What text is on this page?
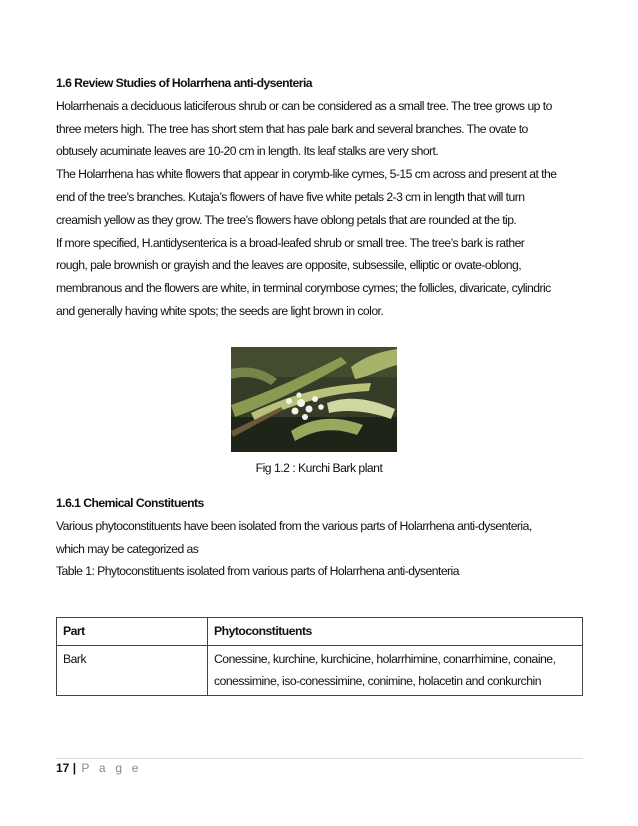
1.6 Review Studies of Holarrhena anti-dysenteria
Holarrhenais a deciduous laticiferous shrub or can be considered as a small tree. The tree grows up to
three meters high. The tree has short stem that has pale bark and several branches. The ovate to
obtusely acuminate leaves are 10-20 cm in length. Its leaf stalks are very short.
The Holarrhena has white flowers that appear in corymb-like cymes, 5-15 cm across and present at the
end of the tree’s branches. Kutaja’s flowers of have five white petals 2-3 cm in length that will turn
creamish yellow as they grow. The tree’s flowers have oblong petals that are rounded at the tip.
If more specified, H.antidysenterica is a broad-leafed shrub or small tree. The tree’s bark is rather
rough, pale brownish or grayish and the leaves are opposite, subsessile, elliptic or ovate-oblong,
membranous and the flowers are white, in terminal corymbose cymes; the follicles, divaricate, cylindric
and generally having white spots; the seeds are light brown in color.
Fig 1.2 : Kurchi Bark plant
1.6.1 Chemical Constituents
Various phytoconstituents have been isolated from the various parts of Holarrhena anti-dysenteria,
which may be categorized as
Table 1: Phytoconstituents isolated from various parts of Holarrhena anti-dysenteria
Part	Phytoconstituents
Bark	Conessine, kurchine, kurchicine, holarrhimine, conarrhimine, conaine,
conessimine, iso-conessimine, conimine, holacetin and conkurchin
17 | P a g e
